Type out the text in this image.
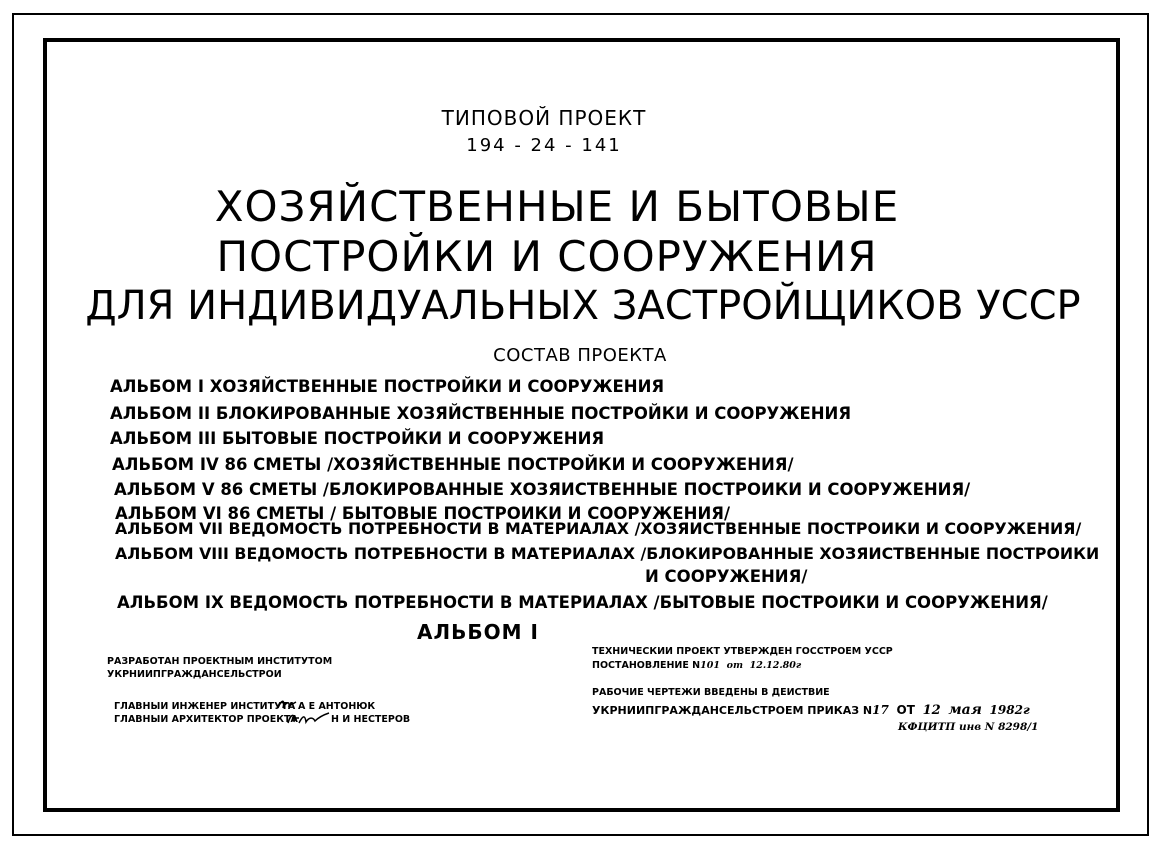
ТИПОВОЙ ПРОЕКТ
194 - 24 - 141
ХОЗЯЙСТВЕННЫЕ И БЫТОВЫЕ
ПОСТРОЙКИ И СООРУЖЕНИЯ
ДЛЯ ИНДИВИДУАЛЬНЫХ ЗАСТРОЙЩИКОВ УССР
СОСТАВ ПРОЕКТА
АЛЬБОМ I ХОЗЯЙСТВЕННЫЕ ПОСТРОЙКИ И СООРУЖЕНИЯ
АЛЬБОМ II БЛОКИРОВАННЫЕ ХОЗЯЙСТВЕННЫЕ ПОСТРОЙКИ И СООРУЖЕНИЯ
АЛЬБОМ III БЫТОВЫЕ ПОСТРОЙКИ И СООРУЖЕНИЯ
АЛЬБОМ IV 86 СМЕТЫ /ХОЗЯЙСТВЕННЫЕ ПОСТРОЙКИ И СООРУЖЕНИЯ/
АЛЬБОМ V 86 СМЕТЫ /БЛОКИРОВАННЫЕ ХОЗЯИСТВЕННЫЕ ПОСТРОИКИ И СООРУЖЕНИЯ/
АЛЬБОМ VI 86 СМЕТЫ / БЫТОВЫЕ ПОСТРОИКИ И СООРУЖЕНИЯ/
АЛЬБОМ VII ВЕДОМОСТЬ ПОТРЕБНОСТИ В МАТЕРИАЛАХ /ХОЗЯИСТВЕННЫЕ ПОСТРОИКИ И СООРУЖЕНИЯ/
АЛЬБОМ VIII ВЕДОМОСТЬ ПОТРЕБНОСТИ В МАТЕРИАЛАХ /БЛОКИРОВАННЫЕ ХОЗЯИСТВЕННЫЕ ПОСТРОИКИ
И СООРУЖЕНИЯ/
АЛЬБОМ IX ВЕДОМОСТЬ ПОТРЕБНОСТИ В МАТЕРИАЛАХ /БЫТОВЫЕ ПОСТРОИКИ И СООРУЖЕНИЯ/
АЛЬБОМ I
РАЗРАБОТАН ПРОЕКТНЫМ ИНСТИТУТОМ
УКРНИИПГРАЖДАНСЕЛЬСТРОИ
ГЛАВНЫИ ИНЖЕНЕР ИНСТИТУТА А Е АНТОНЮК
ГЛАВНЫИ АРХИТЕКТОР ПРОЕКТА	Н И НЕСТЕРОВ
ТЕХНИЧЕСКИИ ПРОЕКТ УТВЕРЖДЕН ГОССТРОЕМ УССР
ПОСТАНОВЛЕНИЕ N101 от 12.12.80г
РАБОЧИЕ ЧЕРТЕЖИ ВВЕДЕНЫ В ДЕИСТВИЕ
УКРНИИПГРАЖДАНСЕЛЬСТРОЕМ ПРИКАЗ N17 ОТ 12 мая 1982г
КФЦИТП инв N 8298/1
